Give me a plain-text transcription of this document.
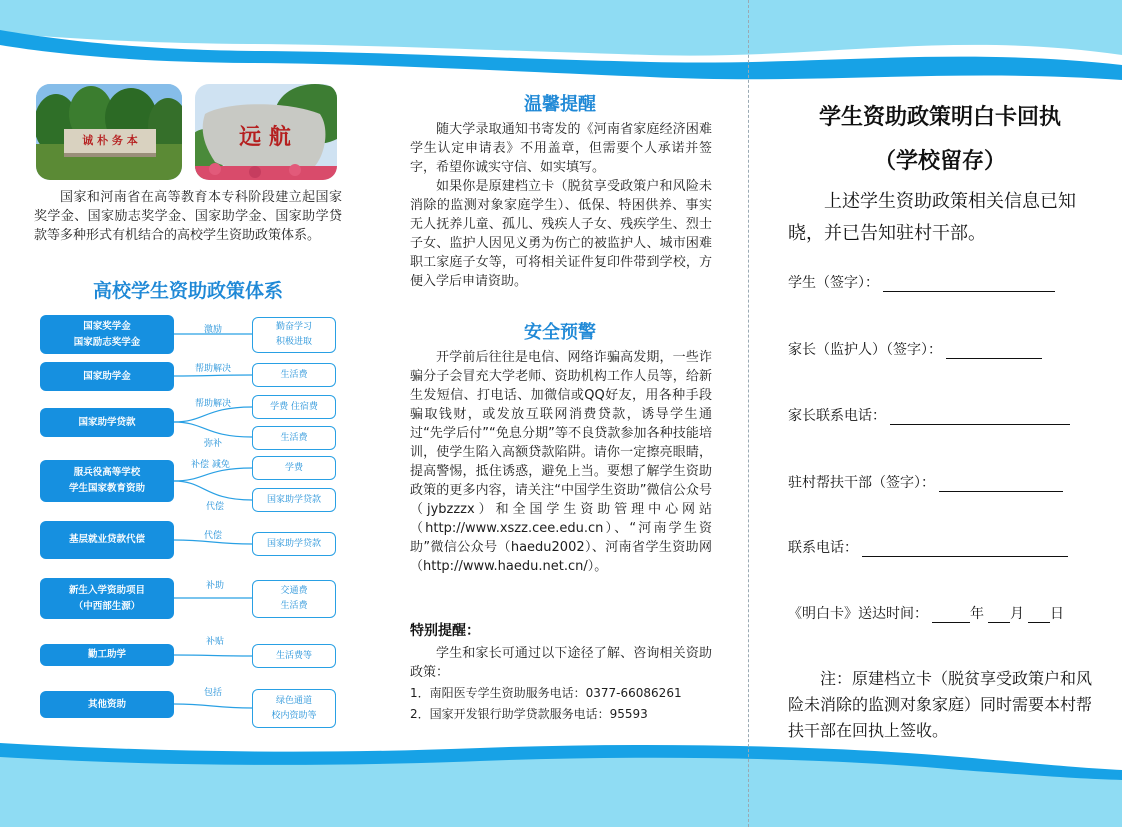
诚 朴 务 本	远 航

国家和河南省在高等教育本专科阶段建立起国家奖学金、国家励志奖学金、国家助学金、国家助学贷款等多种形式有机结合的高校学生资助政策体系。

高校学生资助政策体系
国家奖学金
国家励志奖学金
激励	勤奋学习
积极进取
国家助学金
帮助解决
生活费
国家助学贷款
帮助解决	学费 住宿费
弥补
生活费
服兵役高等学校
学生国家教育资助
补偿 减免	学费
代偿
国家助学贷款
基层就业贷款代偿	代偿
国家助学贷款
新生入学资助项目
（中西部生源）
补助	交通费
生活费
勤工助学
补贴
生活费等
其他资助
包括
绿色通道
校内资助等
温馨提醒

随大学录取通知书寄发的《河南省家庭经济困难学生认定申请表》不用盖章，但需要个人承诺并签字，希望你诚实守信、如实填写。

如果你是原建档立卡（脱贫享受政策户和风险未消除的监测对象家庭学生）、低保、特困供养、事实无人抚养儿童、孤儿、残疾人子女、残疾学生、烈士子女、监护人因见义勇为伤亡的被监护人、城市困难职工家庭子女等，可将相关证件复印件带到学校，方便入学后申请资助。

安全预警

开学前后往往是电信、网络诈骗高发期，一些诈骗分子会冒充大学老师、资助机构工作人员等，给新生发短信、打电话、加微信或QQ好友，用各种手段骗取钱财，或发放互联网消费贷款，诱导学生通过“先学后付”“免息分期”等不良贷款参加各种技能培训，使学生陷入高额贷款陷阱。请你一定擦亮眼睛，提高警惕，抵住诱惑，避免上当。要想了解学生资助政策的更多内容，请关注“中国学生资助”微信公众号（jybzzzx）和全国学生资助管理中心网站（http://www.xszz.cee.edu.cn）、“河南学生资助”微信公众号（haedu2002）、河南省学生资助网（http://www.haedu.net.cn/）。

特别提醒：

学生和家长可通过以下途径了解、咨询相关资助政策：

1．南阳医专学生资助服务电话：0377-66086261
2．国家开发银行助学贷款服务电话：95593
学生资助政策明白卡回执
（学校留存）
上述学生资助政策相关信息已知晓，并已告知驻村干部。
学生（签字）：
家长（监护人）（签字）：
家长联系电话：
驻村帮扶干部（签字）：
联系电话：
《明白卡》送达时间：	年 月 日
注：原建档立卡（脱贫享受政策户和风险未消除的监测对象家庭）同时需要本村帮扶干部在回执上签收。
